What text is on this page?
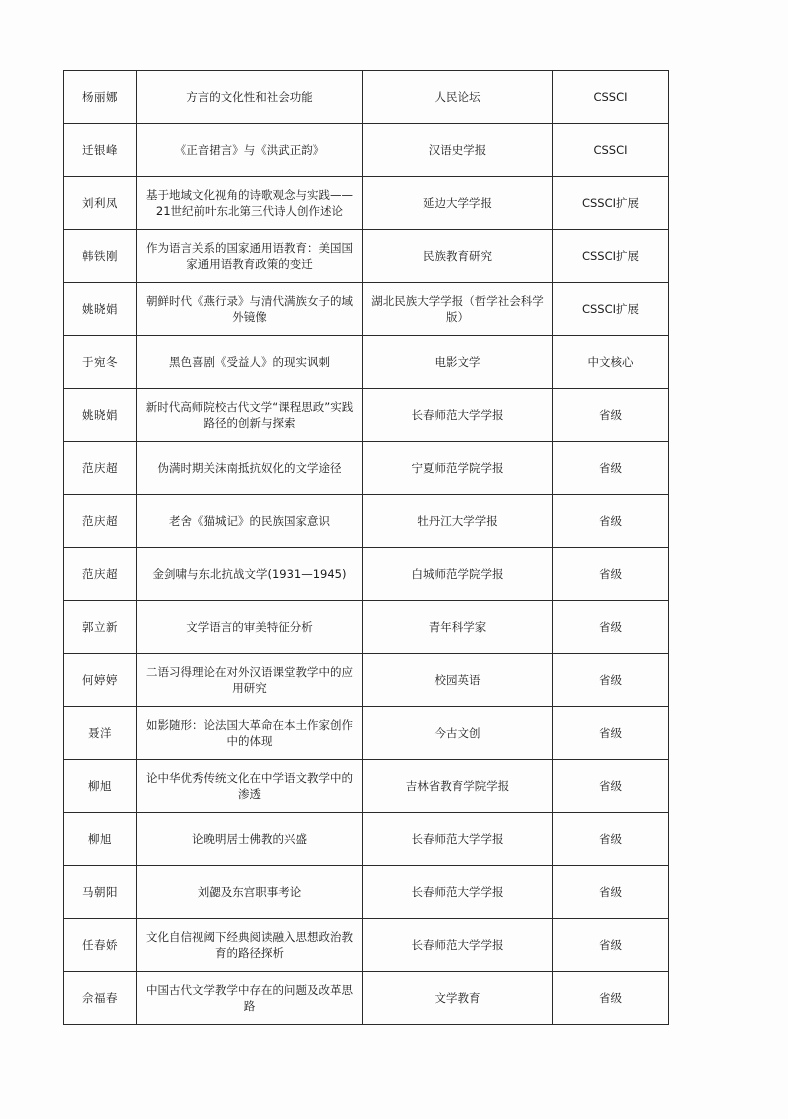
杨丽娜	方言的文化性和社会功能	人民论坛	CSSCI
迁银峰	《正音捃言》与《洪武正韵》	汉语史学报	CSSCI
刘利凤	基于地域文化视角的诗歌观念与实践——21世纪前叶东北第三代诗人创作述论	延边大学学报	CSSCI扩展
韩铁刚	作为语言关系的国家通用语教育：美国国家通用语教育政策的变迁	民族教育研究	CSSCI扩展
姚晓娟	朝鲜时代《燕行录》与清代满族女子的域外镜像	湖北民族大学学报（哲学社会科学版）	CSSCI扩展
于宛冬	黑色喜剧《受益人》的现实讽刺	电影文学	中文核心
姚晓娟	新时代高师院校古代文学“课程思政”实践路径的创新与探索	长春师范大学学报	省级
范庆超	伪满时期关沫南抵抗奴化的文学途径	宁夏师范学院学报	省级
范庆超	老舍《猫城记》的民族国家意识	牡丹江大学学报	省级
范庆超	金剑啸与东北抗战文学(1931—1945)	白城师范学院学报	省级
郭立新	文学语言的审美特征分析	青年科学家	省级
何婷婷	二语习得理论在对外汉语课堂教学中的应用研究	校园英语	省级
聂洋	如影随形：论法国大革命在本土作家创作中的体现	今古文创	省级
柳旭	论中华优秀传统文化在中学语文教学中的渗透	吉林省教育学院学报	省级
柳旭	论晚明居士佛教的兴盛	长春师范大学学报	省级
马朝阳	刘勰及东宫职事考论	长春师范大学学报	省级
任春娇	文化自信视阈下经典阅读融入思想政治教育的路径探析	长春师范大学学报	省级
佘福春	中国古代文学教学中存在的问题及改革思路	文学教育	省级
